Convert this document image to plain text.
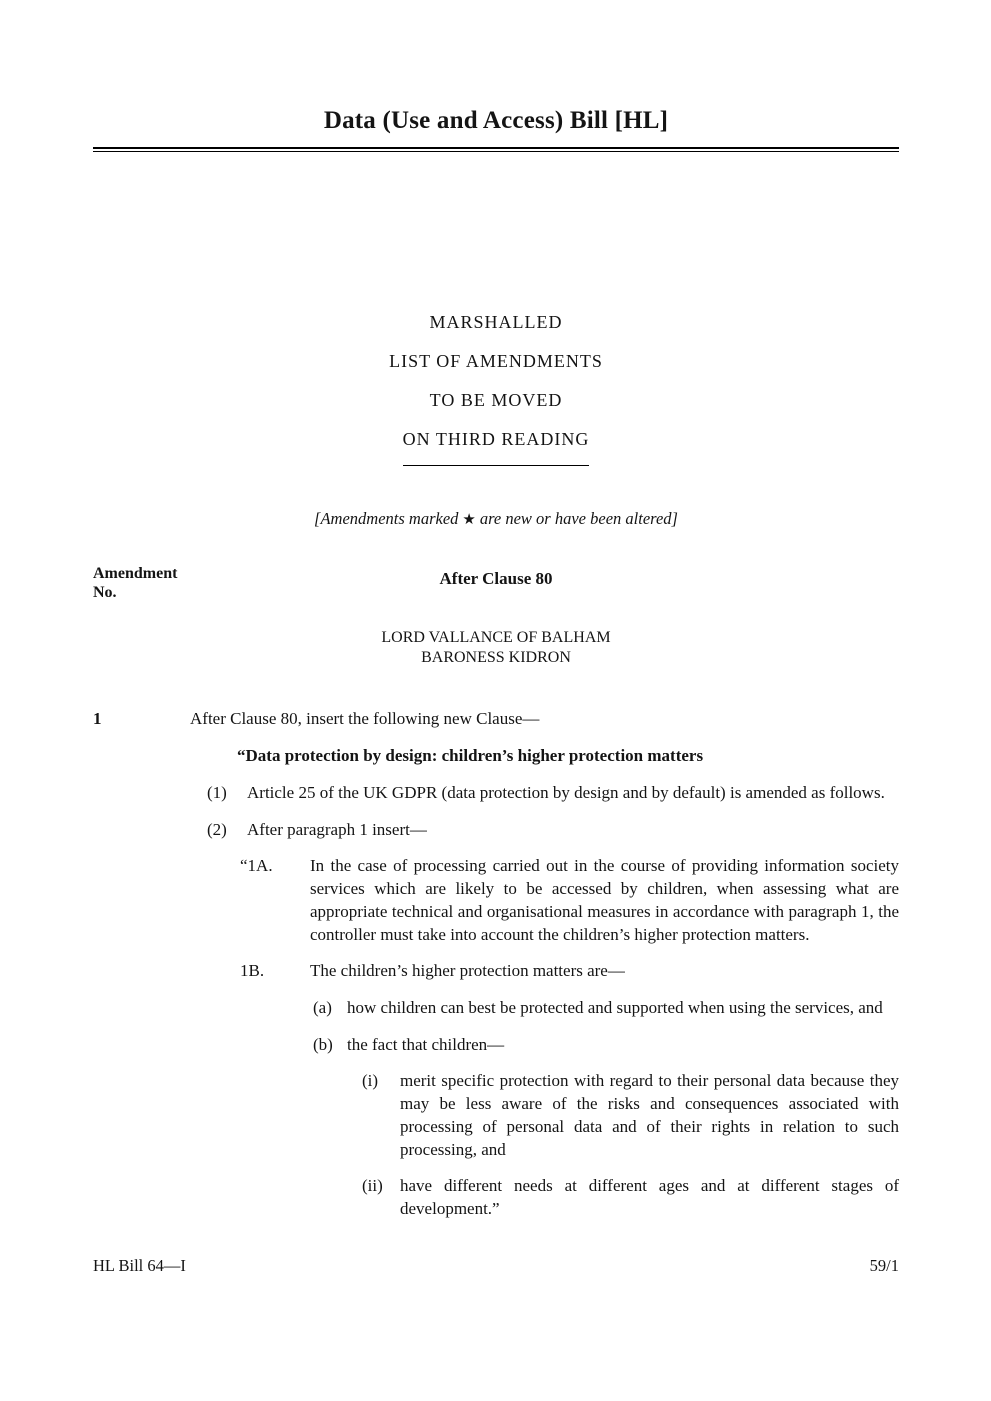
Data (Use and Access) Bill [HL]
MARSHALLED
LIST OF AMENDMENTS
TO BE MOVED
ON THIRD READING

[Amendments marked ★ are new or have been altered]

Amendment
No.
After Clause 80
LORD VALLANCE OF BALHAM
BARONESS KIDRON
1	After Clause 80, insert the following new Clause—

“Data protection by design: children’s higher protection matters

(1)	Article 25 of the UK GDPR (data protection by design and by default) is amended as follows.
(2)	After paragraph 1 insert—
“1A.	In the case of processing carried out in the course of providing information society services which are likely to be accessed by children, when assessing what are appropriate technical and organisational measures in accordance with paragraph 1, the controller must take into account the children’s higher protection matters.
1B.	The children’s higher protection matters are—
(a) how children can best be protected and supported when using the services, and
(b) the fact that children—
(i)	merit specific protection with regard to their personal data because they may be less aware of the risks and consequences associated with processing of personal data and of their rights in relation to such processing, and
(ii)	have different needs at different ages and at different stages of development.”
HL Bill 64—I	59/1
